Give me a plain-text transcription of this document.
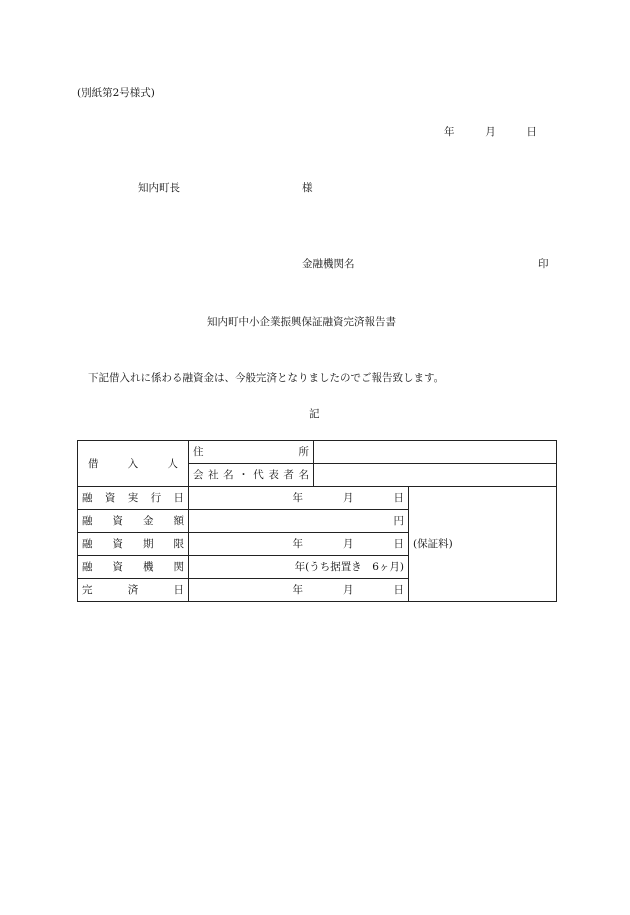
(別紙第2号様式)
年	月	日
知内町長	様
金融機関名	印
知内町中小企業振興保証融資完済報告書
下記借入れに係わる融資金は、今般完済となりましたのでご報告致します。
記
借入人	住所		

	会社名・代表者名		

融資実行日	年 月 日		(保証料)

融資金額	円		

融資期限	年 月 日		

融資機関	年(うち据置き　6ヶ月)		

完済日	年 月 日		
